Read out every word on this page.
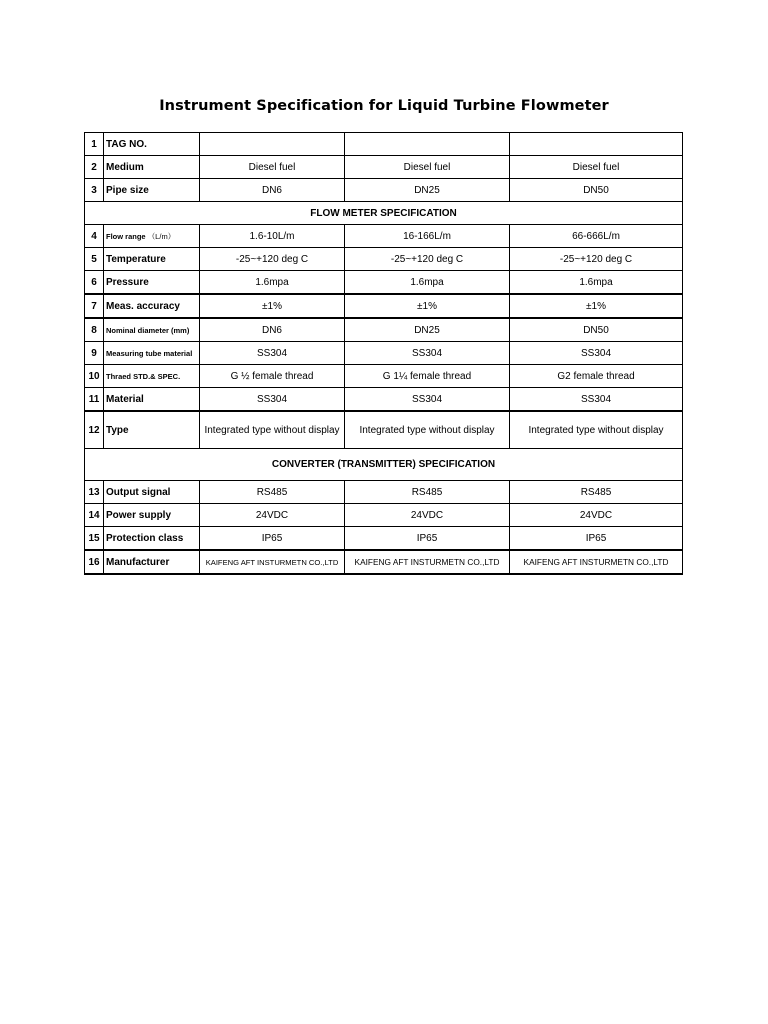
Instrument Specification for Liquid Turbine Flowmeter
1	TAG NO.			
2	Medium	Diesel fuel	Diesel fuel	Diesel fuel
3	Pipe size	DN6	DN25	DN50
FLOW METER SPECIFICATION				
4	Flow range （L/m）	1.6-10L/m	16-166L/m	66-666L/m
5	Temperature	-25~+120 deg C	-25~+120 deg C	-25~+120 deg C
6	Pressure	1.6mpa	1.6mpa	1.6mpa
7	Meas. accuracy	±1%	±1%	±1%
8	Nominal diameter (mm)	DN6	DN25	DN50
9	Measuring tube material	SS304	SS304	SS304
10	Thraed STD.& SPEC.	G ½ female thread	G 1¼ female thread	G2 female thread
11	Material	SS304	SS304	SS304
12	Type	Integrated type without display	Integrated type without display	Integrated type without display
CONVERTER (TRANSMITTER) SPECIFICATION				
13	Output signal	RS485	RS485	RS485
14	Power supply	24VDC	24VDC	24VDC
15	Protection class	IP65	IP65	IP65
16	Manufacturer	KAIFENG AFT INSTURMETN CO.,LTD	KAIFENG AFT INSTURMETN CO.,LTD	KAIFENG AFT INSTURMETN CO.,LTD
